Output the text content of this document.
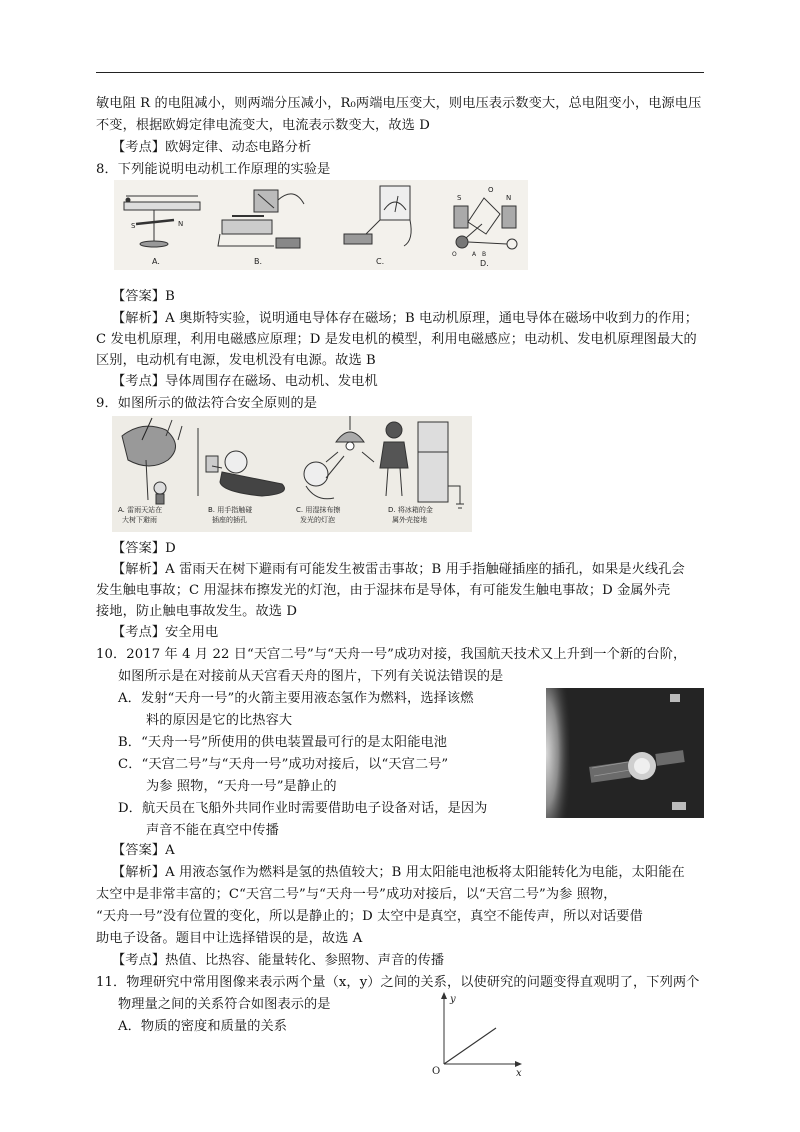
敏电阻 R 的电阻减小，则两端分压减小，R₀两端电压变大，则电压表示数变大，总电阻变小，电源电压
不变，根据欧姆定律电流变大，电流表示数变大，故选 D
【考点】欧姆定律、动态电路分析
8．下列能说明电动机工作原理的实验是
S	N
A.	B.	C.
S	N
O
A B
O
D.
【答案】B
【解析】A 奥斯特实验，说明通电导体存在磁场；B 电动机原理，通电导体在磁场中收到力的作用；
C 发电机原理，利用电磁感应原理；D 是发电机的模型，利用电磁感应；电动机、发电机原理图最大的
区别，电动机有电源，发电机没有电源。故选 B
【考点】导体周围存在磁场、电动机、发电机
9．如图所示的做法符合安全原则的是
A. 雷雨天站在
大树下避雨
B. 用手指触碰
插座的插孔
C. 用湿抹布擦
发光的灯泡
D. 将冰箱的金
属外壳接地
【答案】D
【解析】A 雷雨天在树下避雨有可能发生被雷击事故；B 用手指触碰插座的插孔，如果是火线孔会
发生触电事故；C 用湿抹布擦发光的灯泡，由于湿抹布是导体，有可能发生触电事故；D 金属外壳
接地，防止触电事故发生。故选 D
【考点】安全用电
10．2017 年 4 月 22 日“天宫二号”与“天舟一号”成功对接，我国航天技术又上升到一个新的台阶，
如图所示是在对接前从天宫看天舟的图片，下列有关说法错误的是
A．发射“天舟一号”的火箭主要用液态氢作为燃料，选择该燃
料的原因是它的比热容大
B．“天舟一号”所使用的供电装置最可行的是太阳能电池
C．“天宫二号”与“天舟一号”成功对接后，以“天宫二号”
为参 照物，“天舟一号”是静止的
D．航天员在飞船外共同作业时需要借助电子设备对话，是因为
声音不能在真空中传播
【答案】A
【解析】A 用液态氢作为燃料是氢的热值较大；B 用太阳能电池板将太阳能转化为电能，太阳能在
太空中是非常丰富的；C“天宫二号”与“天舟一号”成功对接后，以“天宫二号”为参 照物，
“天舟一号”没有位置的变化，所以是静止的；D 太空中是真空，真空不能传声，所以对话要借
助电子设备。题目中让选择错误的是，故选 A
【考点】热值、比热容、能量转化、参照物、声音的传播
11．物理研究中常用图像来表示两个量（x，y）之间的关系，以使研究的问题变得直观明了，下列两个
物理量之间的关系符合如图表示的是
A．物质的密度和质量的关系
y
x
O
